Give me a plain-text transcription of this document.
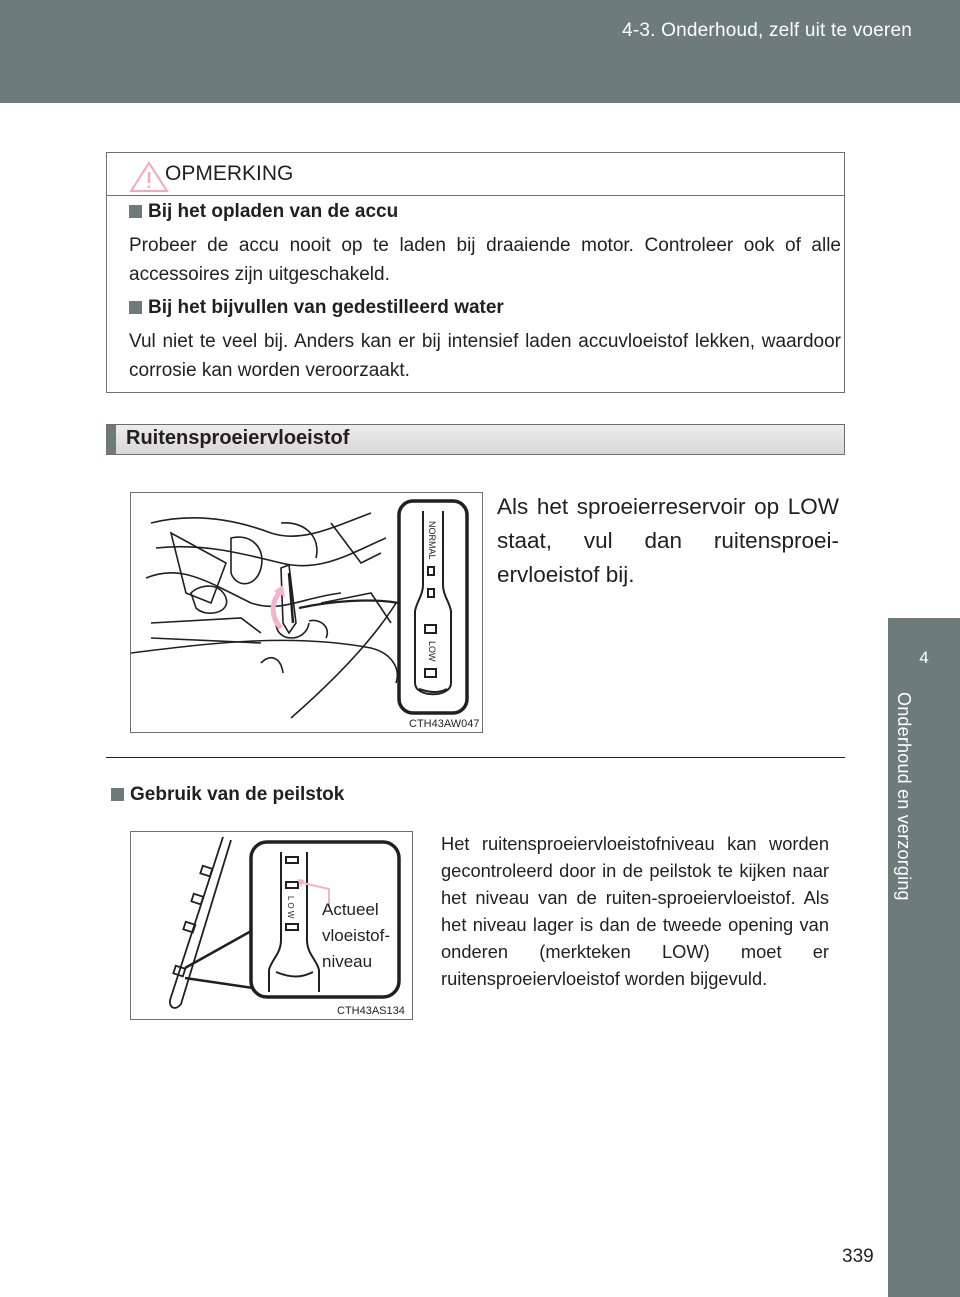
4-3. Onderhoud, zelf uit te voeren
4
Onderhoud en verzorging
OPMERKING
Bij het opladen van de accu
Probeer de accu nooit op te laden bij draaiende motor. Controleer ook of alle accessoires zijn uitgeschakeld.
Bij het bijvullen van gedestilleerd water
Vul niet te veel bij. Anders kan er bij intensief laden accuvloeistof lekken, waardoor corrosie kan worden veroorzaakt.
Ruitensproeiervloeistof
NORMAL
LOW
CTH43AW047
Als het sproeierreservoir op LOW staat, vul dan ruitensproei-ervloeistof bij.
Gebruik van de peilstok
L O W
CTH43AS134
Actueel
vloeistof-
niveau
Het ruitensproeiervloeistofniveau kan worden gecontroleerd door in de peilstok te kijken naar het niveau van de ruiten-sproeiervloeistof. Als het niveau lager is dan de tweede opening van onderen (merkteken LOW) moet er ruitensproeiervloeistof worden bijgevuld.
339
